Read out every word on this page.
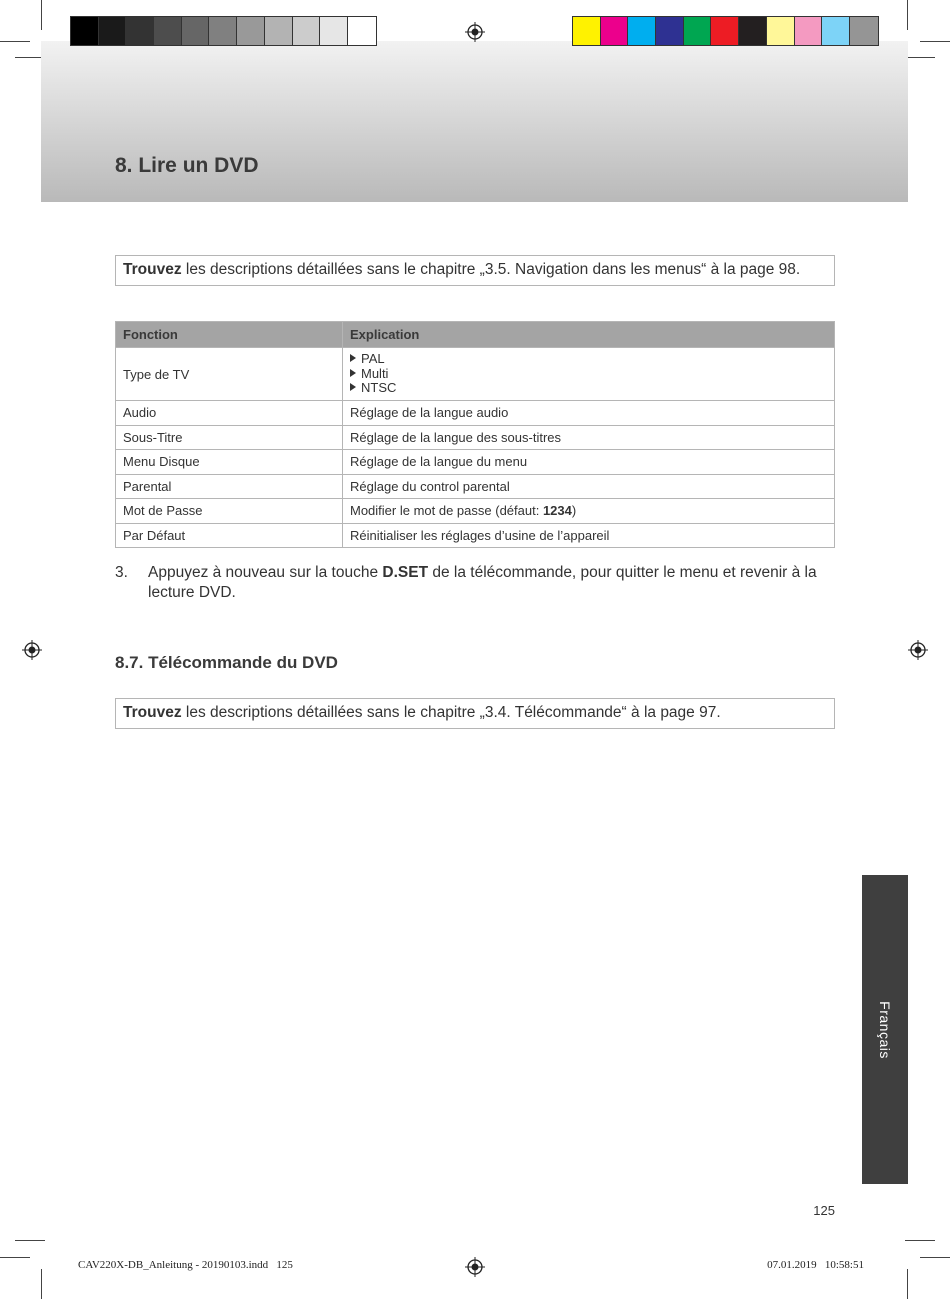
8. Lire un DVD
Trouvez les descriptions détaillées sans le chapitre „3.5. Navigation dans les menus“ à la page 98.
Fonction	Explication
Type de TV	PAL
Multi
NTSC

Audio	Réglage de la langue audio
Sous-Titre	Réglage de la langue des sous-titres
Menu Disque	Réglage de la langue du menu
Parental	Réglage du control parental
Mot de Passe	Modifier le mot de passe (défaut: 1234)
Par Défaut	Réinitialiser les réglages d’usine de l’appareil
3. Appuyez à nouveau sur la touche D.SET de la télécommande, pour quitter le menu et revenir à la lecture DVD.
8.7. Télécommande du DVD
Trouvez les descriptions détaillées sans le chapitre „3.4. Télécommande“ à la page 97.
Français
125
CAV220X-DB_Anleitung - 20190103.indd   125	07.01.2019   10:58:51
